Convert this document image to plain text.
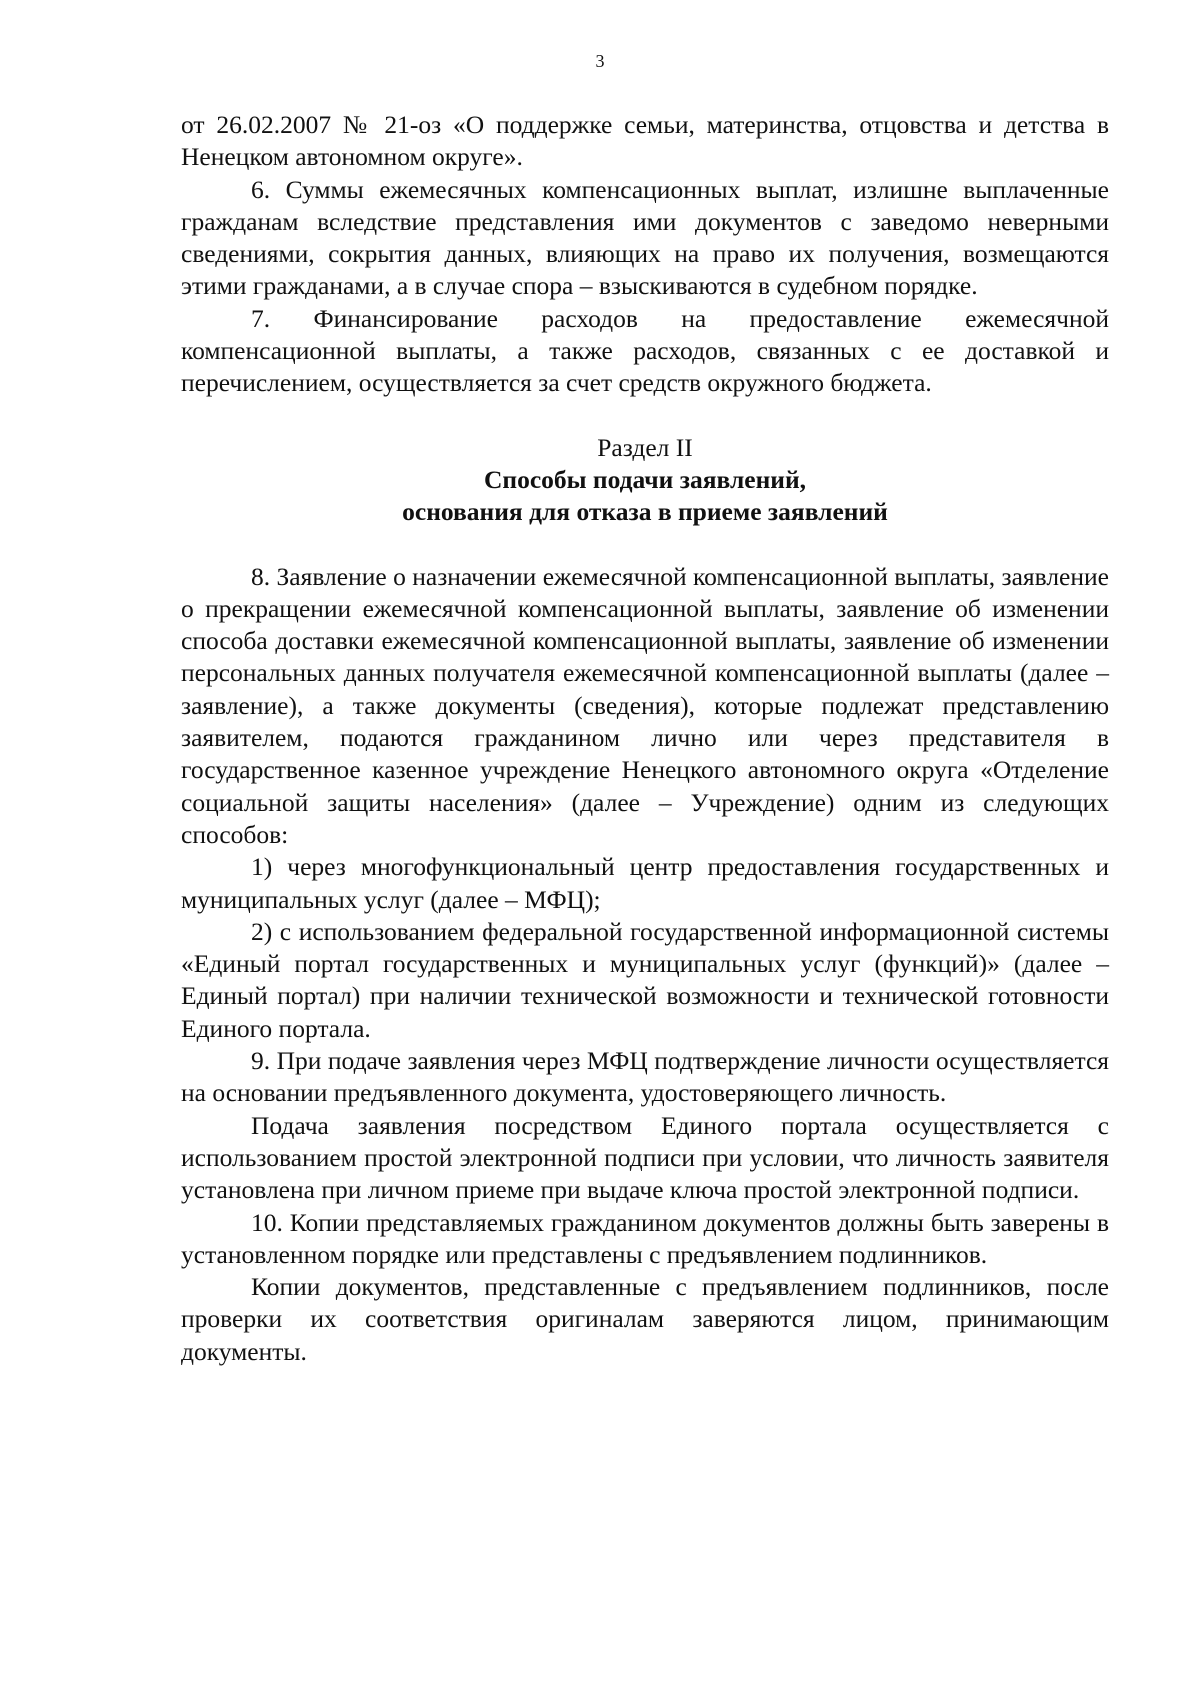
3

от 26.02.2007 № 21-оз «О поддержке семьи, материнства, отцовства и детства в Ненецком автономном округе».

6. Суммы ежемесячных компенсационных выплат, излишне выплаченные гражданам вследствие представления ими документов с заведомо неверными сведениями, сокрытия данных, влияющих на право их получения, возмещаются этими гражданами, а в случае спора – взыскиваются в судебном порядке.

7. Финансирование расходов на предоставление ежемесячной компенсационной выплаты, а также расходов, связанных с ее доставкой и перечислением, осуществляется за счет средств окружного бюджета.

Раздел II
Способы подачи заявлений,
основания для отказа в приеме заявлений

8. Заявление о назначении ежемесячной компенсационной выплаты, заявление о прекращении ежемесячной компенсационной выплаты, заявление об изменении способа доставки ежемесячной компенсационной выплаты, заявление об изменении персональных данных получателя ежемесячной компенсационной выплаты (далее – заявление), а также документы (сведения), которые подлежат представлению заявителем, подаются гражданином лично или через представителя в государственное казенное учреждение Ненецкого автономного округа «Отделение социальной защиты населения» (далее – Учреждение) одним из следующих способов:

1) через многофункциональный центр предоставления государственных и муниципальных услуг (далее – МФЦ);

2) с использованием федеральной государственной информационной системы «Единый портал государственных и муниципальных услуг (функций)» (далее – Единый портал) при наличии технической возможности и технической готовности Единого портала.

9. При подаче заявления через МФЦ подтверждение личности осуществляется на основании предъявленного документа, удостоверяющего личность.

Подача заявления посредством Единого портала осуществляется с использованием простой электронной подписи при условии, что личность заявителя установлена при личном приеме при выдаче ключа простой электронной подписи.

10. Копии представляемых гражданином документов должны быть заверены в установленном порядке или представлены с предъявлением подлинников.

Копии документов, представленные с предъявлением подлинников, после проверки их соответствия оригиналам заверяются лицом, принимающим документы.
